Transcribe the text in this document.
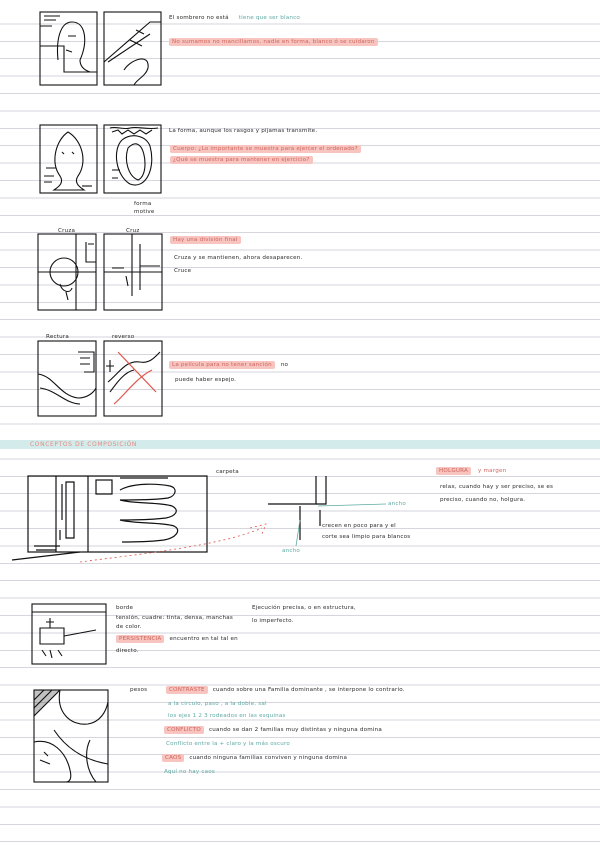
El sombrero no está tiene que ser blanco
No sumamos no mancillamos, nadie en forma, blanco ó se cuidaron
La forma, aunque los rasgos y pijamas transmite.
Cuerpo: ¿Lo importante se muestra para ejercer el ordenado?
¿Qué se muestra para mantener en ejercicio?
forma
motive
Cruza	Cruz
Hay una división final
Cruza y se mantienen, ahora desaparecen.
Cruce
Rectura	reverso
La película para no tener sanción no
puede haber espejo.
CONCEPTOS DE COMPOSICIÓN
carpeta
ancho
crecen en poco para y el
corte sea limpio para blancos
ancho
HOLGURA y margen
relax, cuando hay y ser preciso, se es
preciso, cuando no, holgura.
borde
tensión, cuadre: tinta, densa, manchas
de color.
PERSISTENCIA encuentro en tal tal en
directo.
Ejecución precisa, o en estructura,
lo imperfecto.
pesos	CONTRASTE cuando sobre una Familia dominante , se interpone lo contrario.
a la circulo, paso , a la doble, sal
los ejes 1 2 3 rodeados en las esquinas
CONFLICTO cuando se dan 2 familias muy distintas y ninguna domina
Conflicto entre la + claro y la más oscuro
CAOS cuando ninguna familias conviven y ninguna domina
Aquí no hay caos
